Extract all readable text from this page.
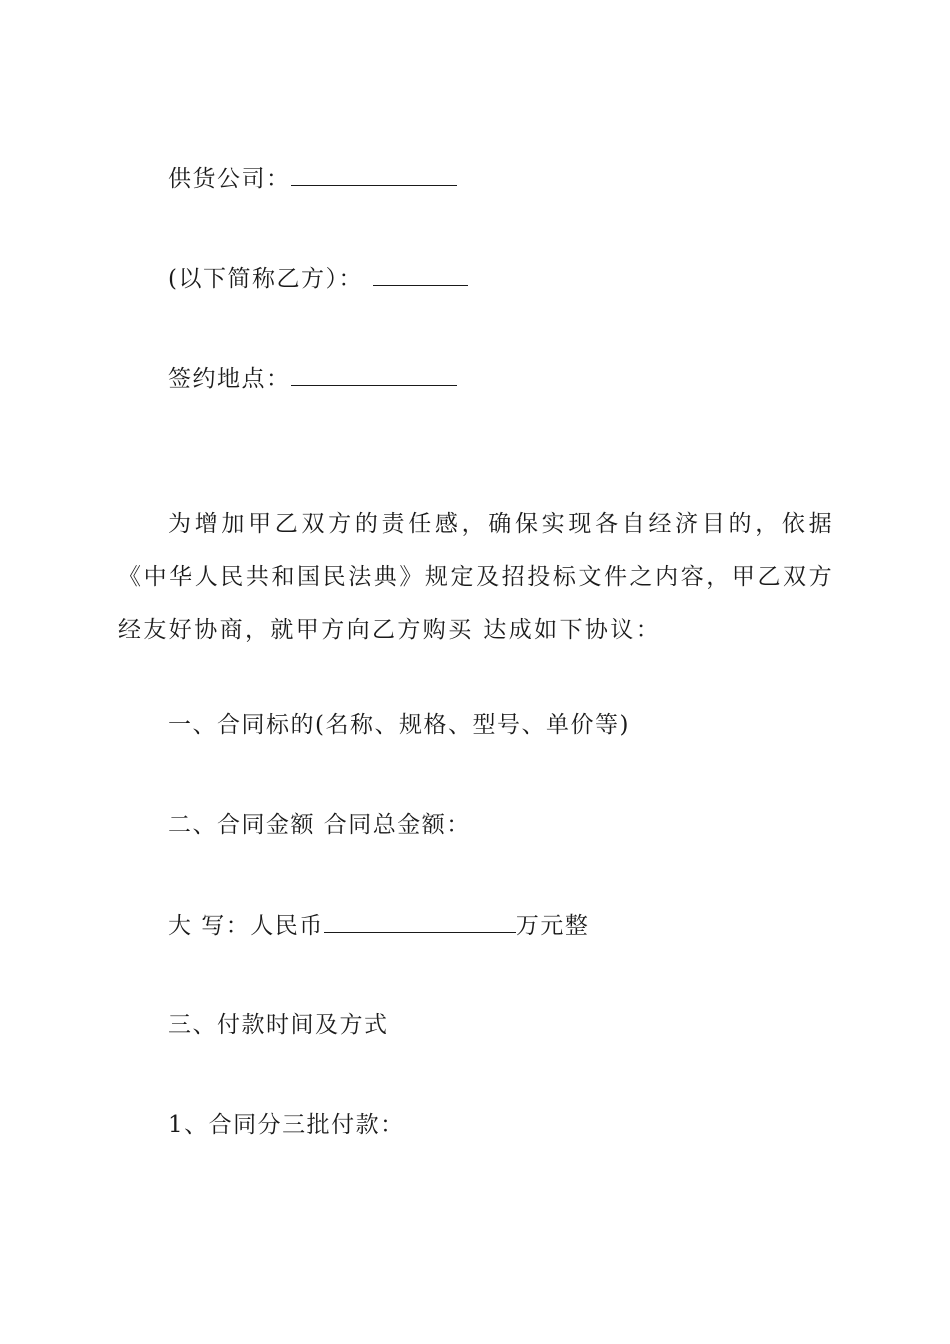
供货公司：
(以下简称乙方）：
签约地点：
为增加甲乙双方的责任感，确保实现各自经济目的，依据《中华人民共和国民法典》规定及招投标文件之内容，甲乙双方经友好协商，就甲方向乙方购买 达成如下协议：
一、合同标的(名称、规格、型号、单价等)
二、合同金额 合同总金额：
大 写：人民币	万元整
三、付款时间及方式
1、合同分三批付款：
